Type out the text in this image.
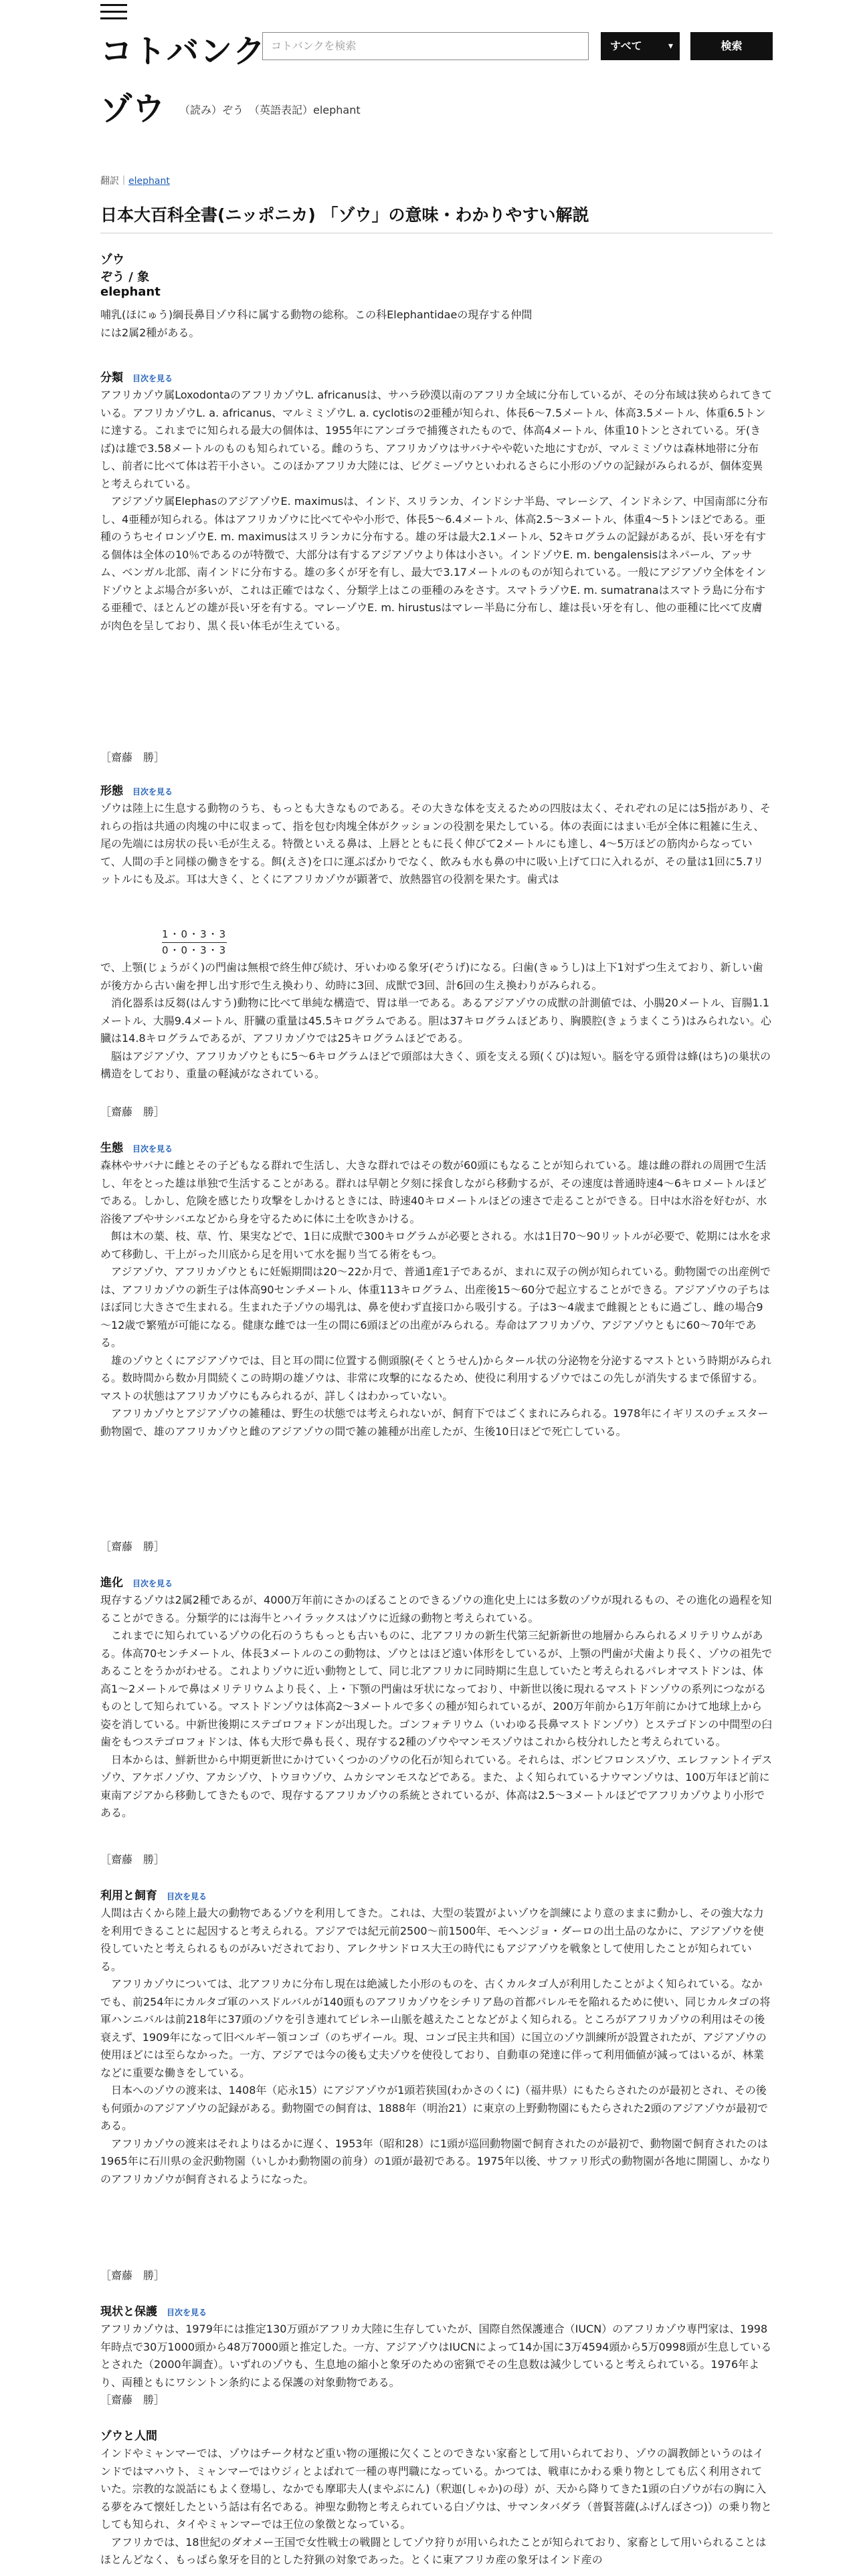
コトバンク コトバンクを検索	すべて	▾	検索
ゾウ （読み）ぞう　（英語表記）elephant
翻訳｜elephant
日本大百科全書(ニッポニカ) 「ゾウ」の意味・わかりやすい解説
ゾウ
ぞう / 象
elephant

哺乳(ほにゅう)綱長鼻目ゾウ科に属する動物の総称。この科Elephantidaeの現存する仲間には2属2種がある。

分類 目次を見る

アフリカゾウ属LoxodontaのアフリカゾウL. africanusは、サハラ砂漠以南のアフリカ全域に分布しているが、その分布域は狭められてきている。アフリカゾウL. a. africanus、マルミミゾウL. a. cyclotisの2亜種が知られ、体長6～7.5メートル、体高3.5メートル、体重6.5トンに達する。これまでに知られる最大の個体は、1955年にアンゴラで捕獲されたもので、体高4メートル、体重10トンとされている。牙(きば)は雄で3.58メートルのものも知られている。雌のうち、アフリカゾウはサバナやや乾いた地にすむが、マルミミゾウは森林地帯に分布し、前者に比べて体は若干小さい。このほかアフリカ大陸には、ピグミーゾウといわれるさらに小形のゾウの記録がみられるが、個体変異と考えられている。

アジアゾウ属ElephasのアジアゾウE. maximusは、インド、スリランカ、インドシナ半島、マレーシア、インドネシア、中国南部に分布し、4亜種が知られる。体はアフリカゾウに比べてやや小形で、体長5～6.4メートル、体高2.5～3メートル、体重4～5トンほどである。亜種のうちセイロンゾウE. m. maximusはスリランカに分布する。雄の牙は最大2.1メートル、52キログラムの記録があるが、長い牙を有する個体は全体の10％であるのが特徴で、大部分は有するアジアゾウより体は小さい。インドゾウE. m. bengalensisはネパール、アッサム、ベンガル北部、南インドに分布する。雄の多くが牙を有し、最大で3.17メートルのものが知られている。一般にアジアゾウ全体をインドゾウとよぶ場合が多いが、これは正確ではなく、分類学上はこの亜種のみをさす。スマトラゾウE. m. sumatranaはスマトラ島に分布する亜種で、ほとんどの雄が長い牙を有する。マレーゾウE. m. hirustusはマレー半島に分布し、雄は長い牙を有し、他の亜種に比べて皮膚が肉色を呈しており、黒く長い体毛が生えている。

［齋藤　勝］
形態 目次を見る

ゾウは陸上に生息する動物のうち、もっとも大きなものである。その大きな体を支えるための四肢は太く、それぞれの足には5指があり、それらの指は共通の肉塊の中に収まって、指を包む肉塊全体がクッションの役割を果たしている。体の表面にはまい毛が全体に粗雑に生え、尾の先端には房状の長い毛が生える。特徴といえる鼻は、上唇とともに長く伸びて2メートルにも達し、4～5万ほどの筋肉からなっていて、人間の手と同様の働きをする。餌(えさ)を口に運ぶばかりでなく、飲みも水も鼻の中に吸い上げて口に入れるが、その量は1回に5.7リットルにも及ぶ。耳は大きく、とくにアフリカゾウが顕著で、放熱器官の役割を果たす。歯式は

$\frac{1・0・3・3}{0・0・3・3}$

で、上顎(じょうがく)の門歯は無根で終生伸び続け、牙いわゆる象牙(ぞうげ)になる。臼歯(きゅうし)は上下1対ずつ生えており、新しい歯が後方から古い歯を押し出す形で生え換わり、幼時に3回、成獣で3回、計6回の生え換わりがみられる。

消化器系は反芻(はんすう)動物に比べて単純な構造で、胃は単一である。あるアジアゾウの成獣の計測値では、小腸20メートル、盲腸1.1メートル、大腸9.4メートル、肝臓の重量は45.5キログラムである。胆は37キログラムほどあり、胸膜腔(きょうまくこう)はみられない。心臓は14.8キログラムであるが、アフリカゾウでは25キログラムほどである。

脳はアジアゾウ、アフリカゾウともに5～6キログラムほどで頭部は大きく、頭を支える頸(くび)は短い。脳を守る頭骨は蜂(はち)の巣状の構造をしており、重量の軽減がなされている。

［齋藤　勝］
生態 目次を見る

森林やサバナに雌とその子どもなる群れで生活し、大きな群れではその数が60頭にもなることが知られている。雄は雌の群れの周囲で生活し、年をとった雄は単独で生活することがある。群れは早朝と夕刻に採食しながら移動するが、その速度は普通時速4～6キロメートルほどである。しかし、危険を感じたり攻撃をしかけるときには、時速40キロメートルほどの速さで走ることができる。日中は水浴を好むが、水浴後アブやサシバエなどから身を守るために体に土を吹きかける。

餌は木の葉、枝、草、竹、果実などで、1日に成獣で300キログラムが必要とされる。水は1日70～90リットルが必要で、乾期には水を求めて移動し、干上がった川底から足を用いて水を掘り当てる術をもつ。

アジアゾウ、アフリカゾウともに妊娠期間は20～22か月で、普通1産1子であるが、まれに双子の例が知られている。動物園での出産例では、アフリカゾウの新生子は体高90センチメートル、体重113キログラム、出産後15～60分で起立することができる。アジアゾウの子ちはほぼ同じ大きさで生まれる。生まれた子ゾウの場乳は、鼻を使わず直接口から吸引する。子は3～4歳まで雌親とともに過ごし、雌の場合9～12歳で繁殖が可能になる。健康な雌では一生の間に6頭ほどの出産がみられる。寿命はアフリカゾウ、アジアゾウともに60～70年である。

雄のゾウとくにアジアゾウでは、目と耳の間に位置する側頭腺(そくとうせん)からタール状の分泌物を分泌するマストという時期がみられる。数時間から数か月間続くこの時期の雄ゾウは、非常に攻撃的になるため、使役に利用するゾウではこの先しが消失するまで係留する。マストの状態はアフリカゾウにもみられるが、詳しくはわかっていない。

アフリカゾウとアジアゾウの雑種は、野生の状態では考えられないが、飼育下ではごくまれにみられる。1978年にイギリスのチェスター動物園で、雄のアフリカゾウと雌のアジアゾウの間で雑の雑種が出産したが、生後10日ほどで死亡している。

［齋藤　勝］
進化 目次を見る

現存するゾウは2属2種であるが、4000万年前にさかのぼることのできるゾウの進化史上には多数のゾウが現れるもの、その進化の過程を知ることができる。分類学的には海牛とハイラックスはゾウに近縁の動物と考えられている。

これまでに知られているゾウの化石のうちもっとも古いものに、北アフリカの新生代第三紀新新世の地層からみられるメリテリウムがある。体高70センチメートル、体長3メートルのこの動物は、ゾウとはほど遠い体形をしているが、上顎の門歯が犬歯より長く、ゾウの祖先であることをうかがわせる。これよりゾウに近い動物として、同じ北アフリカに同時期に生息していたと考えられるパレオマストドンは、体高1～2メートルで鼻はメリテリウムより長く、上・下顎の門歯は牙状になっており、中新世以後に現れるマストドンゾウの系列につながるものとして知られている。マストドンゾウは体高2～3メートルで多くの種が知られているが、200万年前から1万年前にかけて地球上から姿を消している。中新世後期にステゴロフォドンが出現した。ゴンフォテリウム（いわゆる長鼻マストドンゾウ）とステゴドンの中間型の臼歯をもつステゴロフォドンは、体も大形で鼻も長く、現存する2種のゾウやマンモスゾウはこれから枝分れしたと考えられている。

日本からは、鮮新世から中期更新世にかけていくつかのゾウの化石が知られている。それらは、ボンビフロンスゾウ、エレファントイデスゾウ、アケボノゾウ、アカシゾウ、トウヨウゾウ、ムカシマンモスなどである。また、よく知られているナウマンゾウは、100万年ほど前に東南アジアから移動してきたもので、現存するアフリカゾウの系統とされているが、体高は2.5～3メートルほどでアフリカゾウより小形である。

［齋藤　勝］
利用と飼育 目次を見る

人間は古くから陸上最大の動物であるゾウを利用してきた。これは、大型の装置がよいゾウを訓練により意のままに動かし、その強大な力を利用できることに起因すると考えられる。アジアでは紀元前2500～前1500年、モヘンジョ・ダーロの出土品のなかに、アジアゾウを使役していたと考えられるものがみいだされており、アレクサンドロス大王の時代にもアジアゾウを戦象として使用したことが知られている。

アフリカゾウについては、北アフリカに分布し現在は絶滅した小形のものを、古くカルタゴ人が利用したことがよく知られている。なかでも、前254年にカルタゴ軍のハスドルバルが140頭ものアフリカゾウをシチリア島の首都パレルモを陥れるために使い、同じカルタゴの将軍ハンニバルは前218年に37頭のゾウを引き連れてピレネー山脈を越えたことなどがよく知られる。ところがアフリカゾウの利用はその後衰えず、1909年になって旧ベルギー領コンゴ（のちザイール。現、コンゴ民主共和国）に国立のゾウ訓練所が設置されたが、アジアゾウの使用ほどには至らなかった。一方、アジアでは今の後も丈夫ゾウを使役しており、自動車の発達に伴って利用価値が減ってはいるが、林業などに重要な働きをしている。

日本へのゾウの渡来は、1408年（応永15）にアジアゾウが1頭若狭国(わかさのくに)（福井県）にもたらされたのが最初とされ、その後も何頭かのアジアゾウの記録がある。動物園での飼育は、1888年（明治21）に東京の上野動物園にもたらされた2頭のアジアゾウが最初である。

アフリカゾウの渡来はそれよりはるかに遅く、1953年（昭和28）に1頭が巡回動物園で飼育されたのが最初で、動物園で飼育されたのは1965年に石川県の金沢動物園（いしかわ動物園の前身）の1頭が最初である。1975年以後、サファリ形式の動物園が各地に開園し、かなりのアフリカゾウが飼育されるようになった。

［齋藤　勝］
現状と保護 目次を見る

アフリカゾウは、1979年には推定130万頭がアフリカ大陸に生存していたが、国際自然保護連合（IUCN）のアフリカゾウ専門家は、1998年時点で30万1000頭から48万7000頭と推定した。一方、アジアゾウはIUCNによって14か国に3万4594頭から5万0998頭が生息しているとされた（2000年調査）。いずれのゾウも、生息地の縮小と象牙のための密猟でその生息数は減少していると考えられている。1976年より、両種ともにワシントン条約による保護の対象動物である。

［齋藤　勝］
ゾウと人間

インドやミャンマーでは、ゾウはチーク材など重い物の運搬に欠くことのできない家畜として用いられており、ゾウの調教師というのはインドではマハウト、ミャンマーではウジィとよばれて一種の専門職になっている。かつては、戦車にかわる乗り物としても広く利用されていた。宗教的な説話にもよく登場し、なかでも摩耶夫人(まやぶにん)（釈迦(しゃか)の母）が、天から降りてきた1頭の白ゾウが右の胸に入る夢をみて懐妊したという話は有名である。神聖な動物と考えられている白ゾウは、サマンタバダラ（普賢菩薩(ふげんぼさつ)）の乗り物としても知られ、タイやミャンマーでは王位の象徴となっている。

アフリカでは、18世紀のダオメー王国で女性戦士の戦闘としてゾウ狩りが用いられたことが知られており、家畜として用いられることはほとんどなく、もっぱら象牙を目的とした狩猟の対象であった。とくに東アフリカ産の象牙はインド産の
